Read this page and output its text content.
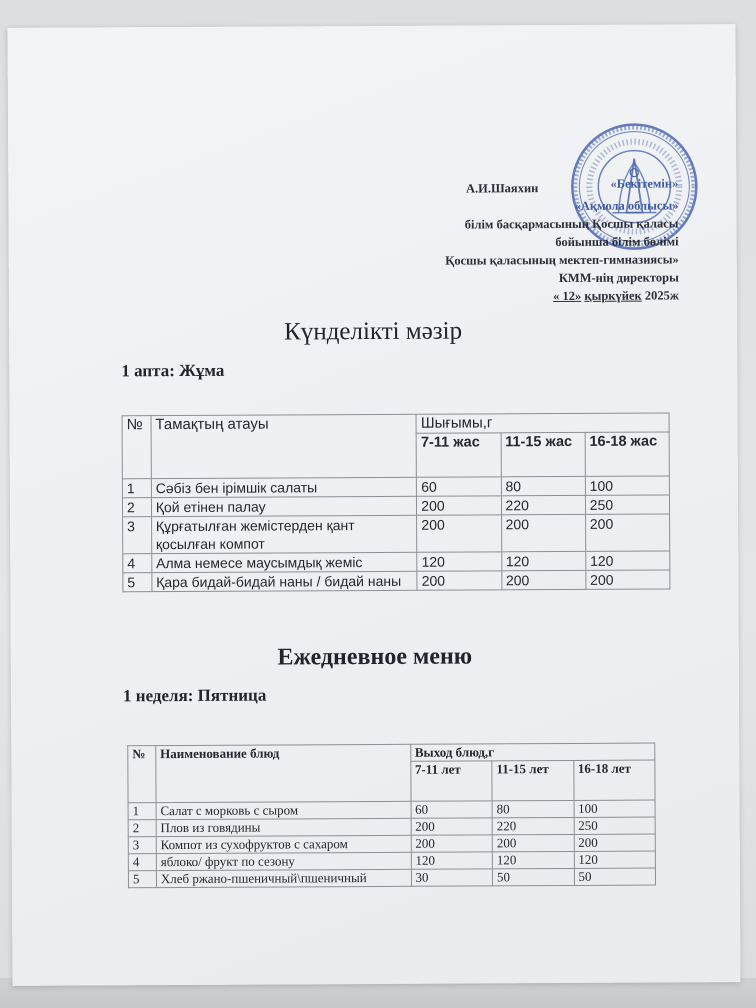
«Бекітемін»
А.И.Шаяхин
«Ақмола облысы»
білім басқармасының Қосшы қаласы
бойынша білім бөлімі
Қосшы қаласының мектеп-гимназиясы»
КММ-нің директоры
« 12» қыркүйек 2025ж
Күнделікті мәзір
1 апта: Жұма
№	Тамақтың атауы	Шығымы,г		
		7-11 жас	11-15 жас	16-18 жас
1	Сәбіз бен ірімшік салаты	60	80	100
2	Қой етінен палау	200	220	250
3	Құрғатылған жемістерден қант қосылған компот	200	200	200
4	Алма немесе маусымдық жеміс	120	120	120
5	Қара бидай-бидай наны / бидай наны	200	200	200
Ежедневное меню
1 неделя: Пятница
№	Наименование блюд	Выход блюд,г		
		7-11 лет	11-15 лет	16-18 лет
1	Салат с морковь с сыром	60	80	100
2	Плов из говядины	200	220	250
3	Компот из сухофруктов с сахаром	200	200	200
4	яблоко/ фрукт по сезону	120	120	120
5	Хлеб ржано-пшеничный\пшеничный	30	50	50
